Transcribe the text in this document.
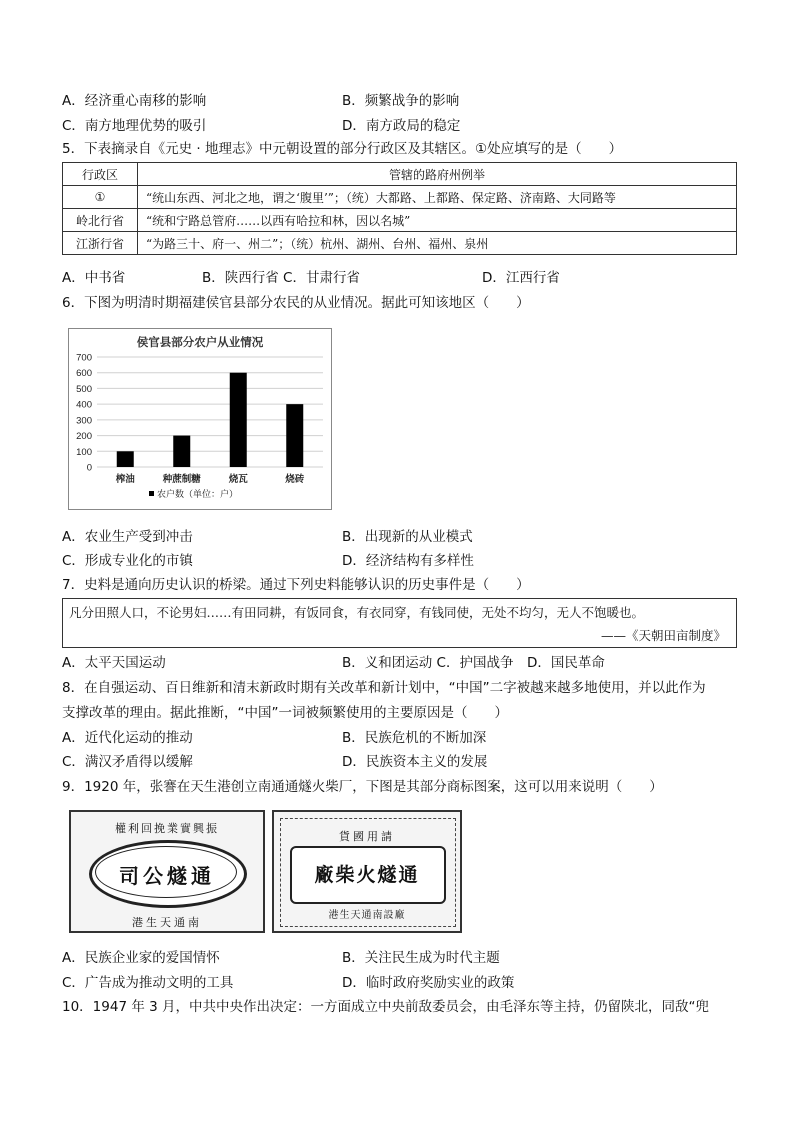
A．经济重心南移的影响	B．频繁战争的影响
C．南方地理优势的吸引	D．南方政局的稳定
5．下表摘录自《元史 · 地理志》中元朝设置的部分行政区及其辖区。①处应填写的是（　　）
行政区	管辖的路府州例举
①	“统山东西、河北之地，谓之‘腹里’”；（统）大都路、上都路、保定路、济南路、大同路等
岭北行省	“统和宁路总管府……以西有哈拉和林，因以名城”
江浙行省	“为路三十、府一、州二”；（统）杭州、湖州、台州、福州、泉州
A．中书省	B．陕西行省 C．甘肃行省	D．江西行省
6．下图为明清时期福建侯官县部分农民的从业情况。据此可知该地区（　　）
侯官县部分农户从业情况
0
100
200
300
400
500
600
700
榨油	种蔗制糖	烧瓦	烧砖
农户数（单位：户）
A．农业生产受到冲击	B．出现新的从业模式
C．形成专业化的市镇	D．经济结构有多样性
7．史料是通向历史认识的桥梁。通过下列史料能够认识的历史事件是（　　）
凡分田照人口，不论男妇……有田同耕，有饭同食，有衣同穿，有钱同使，无处不均匀，无人不饱暖也。
——《天朝田亩制度》
A．太平天国运动	B．义和团运动 C．护国战争　D．国民革命
8．在自强运动、百日维新和清末新政时期有关改革和新计划中，“中国”二字被越来越多地使用，并以此作为
支撑改革的理由。据此推断，“中国”一词被频繁使用的主要原因是（　　）
A．近代化运动的推动	B．民族危机的不断加深
C．满汉矛盾得以缓解	D．民族资本主义的发展
9．1920 年，张謇在天生港创立南通通燧火柴厂，下图是其部分商标图案，这可以用来说明（　　）
權利回挽業實興振
司公燧通
港生天通南
貨國用請
廠柴火燧通
港生天通南設廠
A．民族企业家的爱国情怀	B．关注民生成为时代主题
C．广告成为推动文明的工具	D．临时政府奖励实业的政策
10．1947 年 3 月，中共中央作出决定：一方面成立中央前敌委员会，由毛泽东等主持，仍留陕北，同敌“兜
